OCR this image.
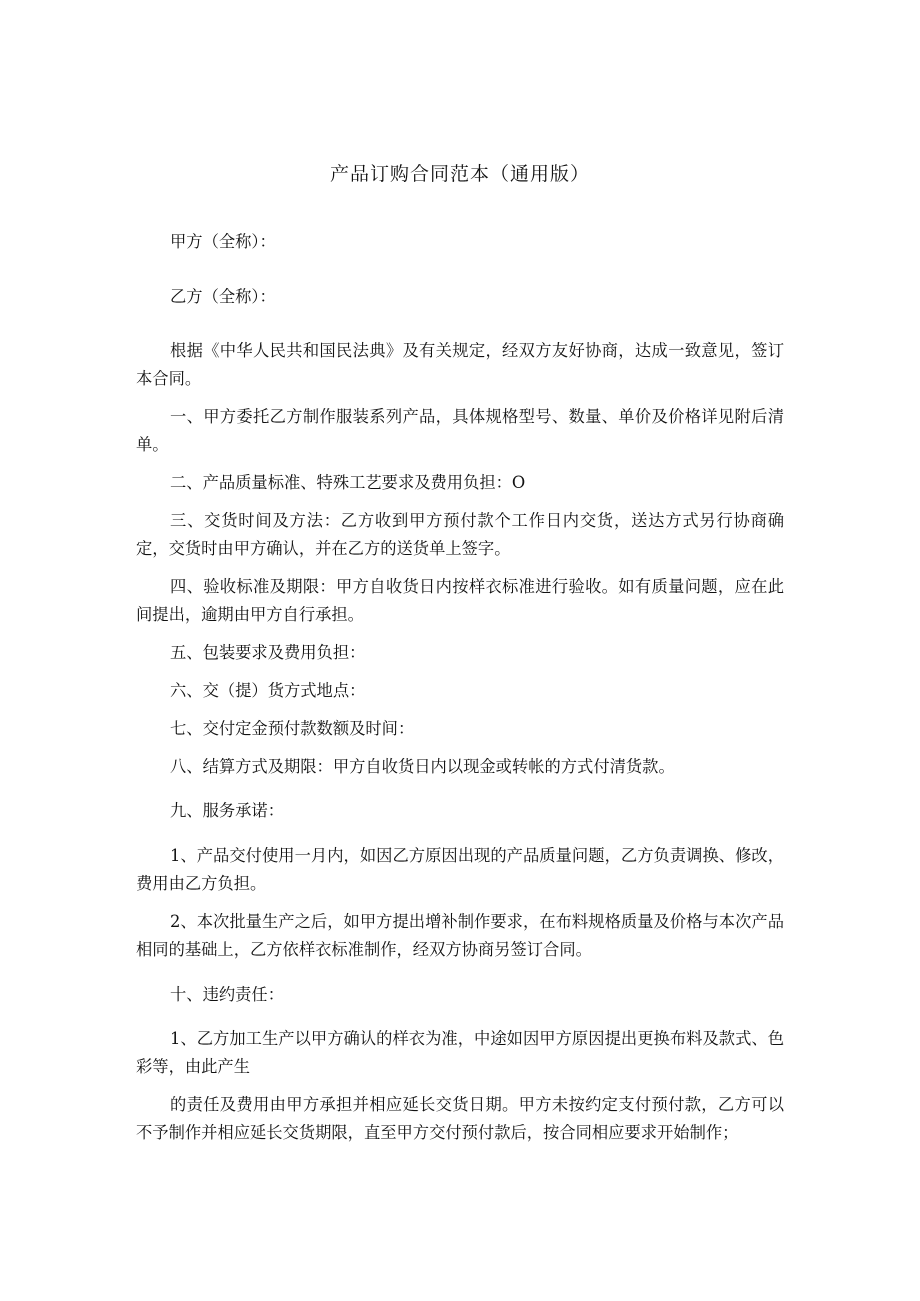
产品订购合同范本（通用版）

甲方（全称）：

乙方（全称）：

根据《中华人民共和国民法典》及有关规定，经双方友好协商，达成一致意见，签订本合同。

一、甲方委托乙方制作服装系列产品，具体规格型号、数量、单价及价格详见附后清单。

二、产品质量标准、特殊工艺要求及费用负担：O

三、交货时间及方法：乙方收到甲方预付款个工作日内交货，送达方式另行协商确定，交货时由甲方确认，并在乙方的送货单上签字。

四、验收标准及期限：甲方自收货日内按样衣标准进行验收。如有质量问题，应在此间提出，逾期由甲方自行承担。

五、包装要求及费用负担：

六、交（提）货方式地点：

七、交付定金预付款数额及时间：

八、结算方式及期限：甲方自收货日内以现金或转帐的方式付清货款。

九、服务承诺：

1、产品交付使用一月内，如因乙方原因出现的产品质量问题，乙方负责调换、修改，费用由乙方负担。

2、本次批量生产之后，如甲方提出增补制作要求，在布料规格质量及价格与本次产品相同的基础上，乙方依样衣标准制作，经双方协商另签订合同。

十、违约责任：

1、乙方加工生产以甲方确认的样衣为准，中途如因甲方原因提出更换布料及款式、色彩等，由此产生

的责任及费用由甲方承担并相应延长交货日期。甲方未按约定支付预付款，乙方可以不予制作并相应延长交货期限，直至甲方交付预付款后，按合同相应要求开始制作；
